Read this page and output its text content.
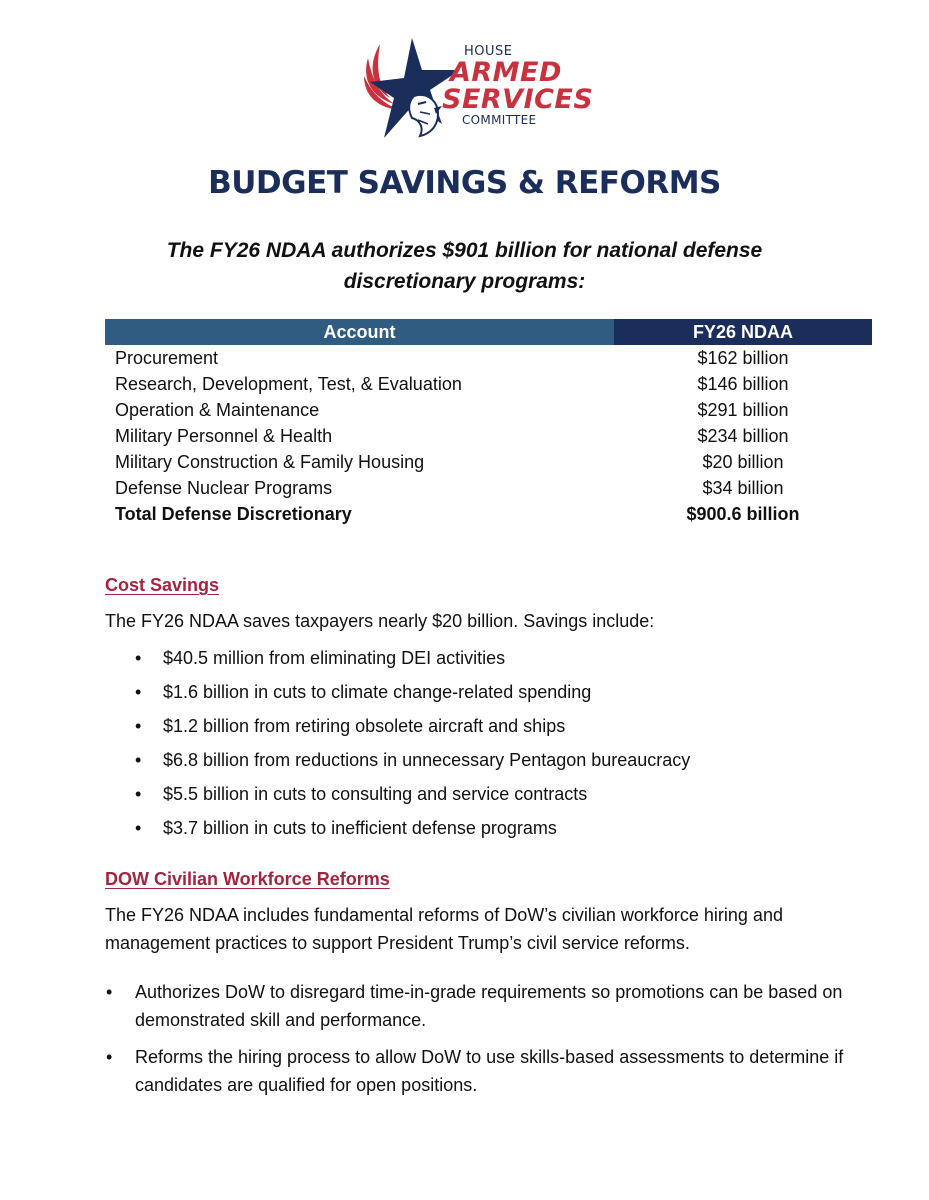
HOUSE
ARMED
SERVICES
COMMITTEE
BUDGET SAVINGS & REFORMS
The FY26 NDAA authorizes $901 billion for national defense
discretionary programs:
Account	FY26 NDAA
Procurement	$162 billion
Research, Development, Test, & Evaluation	$146 billion
Operation & Maintenance	$291 billion
Military Personnel & Health	$234 billion
Military Construction & Family Housing	$20 billion
Defense Nuclear Programs	$34 billion
Total Defense Discretionary	$900.6 billion
Cost Savings

The FY26 NDAA saves taxpayers nearly $20 billion. Savings include:

• $40.5 million from eliminating DEI activities
• $1.6 billion in cuts to climate change-related spending
• $1.2 billion from retiring obsolete aircraft and ships
• $6.8 billion from reductions in unnecessary Pentagon bureaucracy
• $5.5 billion in cuts to consulting and service contracts
• $3.7 billion in cuts to inefficient defense programs
DOW Civilian Workforce Reforms

The FY26 NDAA includes fundamental reforms of DoW’s civilian workforce hiring and management practices to support President Trump’s civil service reforms.

• Authorizes DoW to disregard time-in-grade requirements so promotions can be based on demonstrated skill and performance.
• Reforms the hiring process to allow DoW to use skills-based assessments to determine if candidates are qualified for open positions.
